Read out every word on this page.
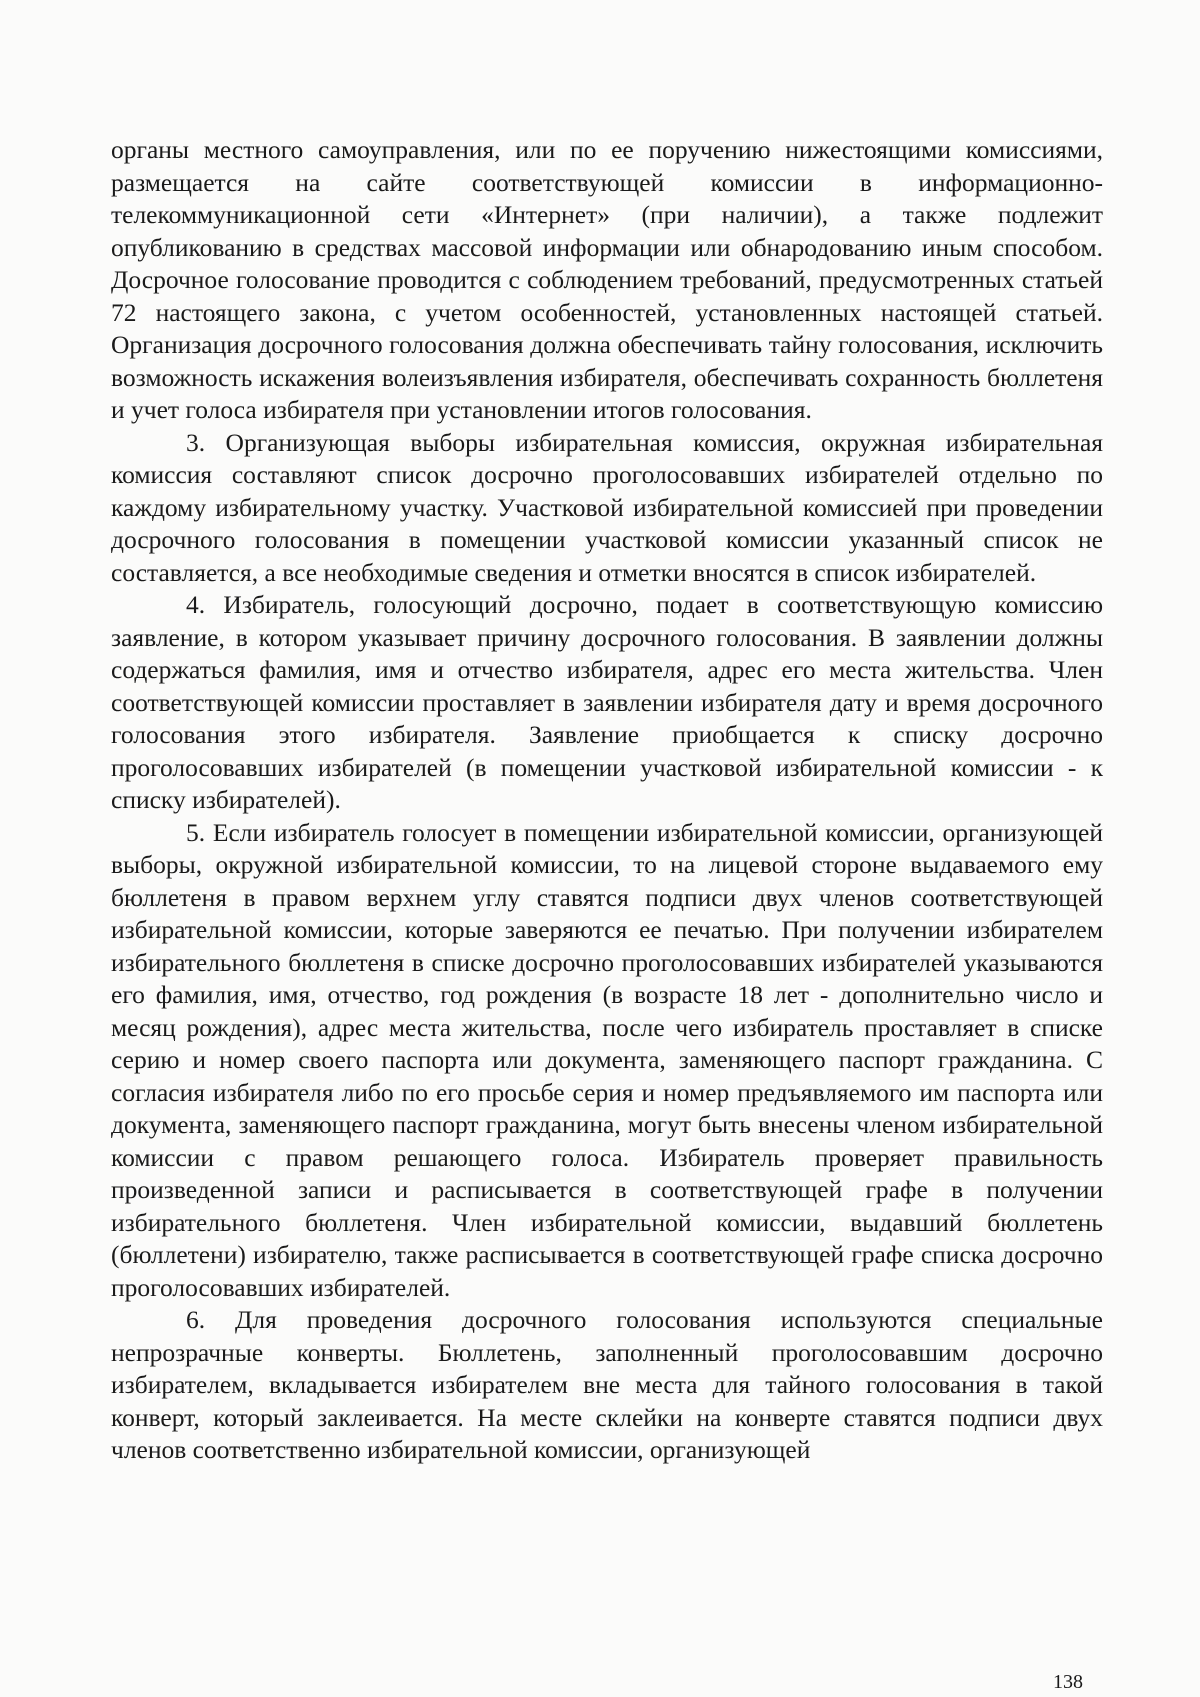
органы местного самоуправления, или по ее поручению нижестоящими комиссиями, размещается на сайте соответствующей комиссии в информационно-телекоммуникационной сети «Интернет» (при наличии), а также подлежит опубликованию в средствах массовой информации или обнародованию иным способом. Досрочное голосование проводится с соблюдением требований, предусмотренных статьей 72 настоящего закона, с учетом особенностей, установленных настоящей статьей. Организация досрочного голосования должна обеспечивать тайну голосования, исключить возможность искажения волеизъявления избирателя, обеспечивать сохранность бюллетеня и учет голоса избирателя при установлении итогов голосования.

3. Организующая выборы избирательная комиссия, окружная избирательная комиссия составляют список досрочно проголосовавших избирателей отдельно по каждому избирательному участку. Участковой избирательной комиссией при проведении досрочного голосования в помещении участковой комиссии указанный список не составляется, а все необходимые сведения и отметки вносятся в список избирателей.

4. Избиратель, голосующий досрочно, подает в соответствующую комиссию заявление, в котором указывает причину досрочного голосования. В заявлении должны содержаться фамилия, имя и отчество избирателя, адрес его места жительства. Член соответствующей комиссии проставляет в заявлении избирателя дату и время досрочного голосования этого избирателя. Заявление приобщается к списку досрочно проголосовавших избирателей (в помещении участковой избирательной комиссии - к списку избирателей).

5. Если избиратель голосует в помещении избирательной комиссии, организующей выборы, окружной избирательной комиссии, то на лицевой стороне выдаваемого ему бюллетеня в правом верхнем углу ставятся подписи двух членов соответствующей избирательной комиссии, которые заверяются ее печатью. При получении избирателем избирательного бюллетеня в списке досрочно проголосовавших избирателей указываются его фамилия, имя, отчество, год рождения (в возрасте 18 лет - дополнительно число и месяц рождения), адрес места жительства, после чего избиратель проставляет в списке серию и номер своего паспорта или документа, заменяющего паспорт гражданина. С согласия избирателя либо по его просьбе серия и номер предъявляемого им паспорта или документа, заменяющего паспорт гражданина, могут быть внесены членом избирательной комиссии с правом решающего голоса. Избиратель проверяет правильность произведенной записи и расписывается в соответствующей графе в получении избирательного бюллетеня. Член избирательной комиссии, выдавший бюллетень (бюллетени) избирателю, также расписывается в соответствующей графе списка досрочно проголосовавших избирателей.

6. Для проведения досрочного голосования используются специальные непрозрачные конверты. Бюллетень, заполненный проголосовавшим досрочно избирателем, вкладывается избирателем вне места для тайного голосования в такой конверт, который заклеивается. На месте склейки на конверте ставятся подписи двух членов соответственно избирательной комиссии, организующей

138
